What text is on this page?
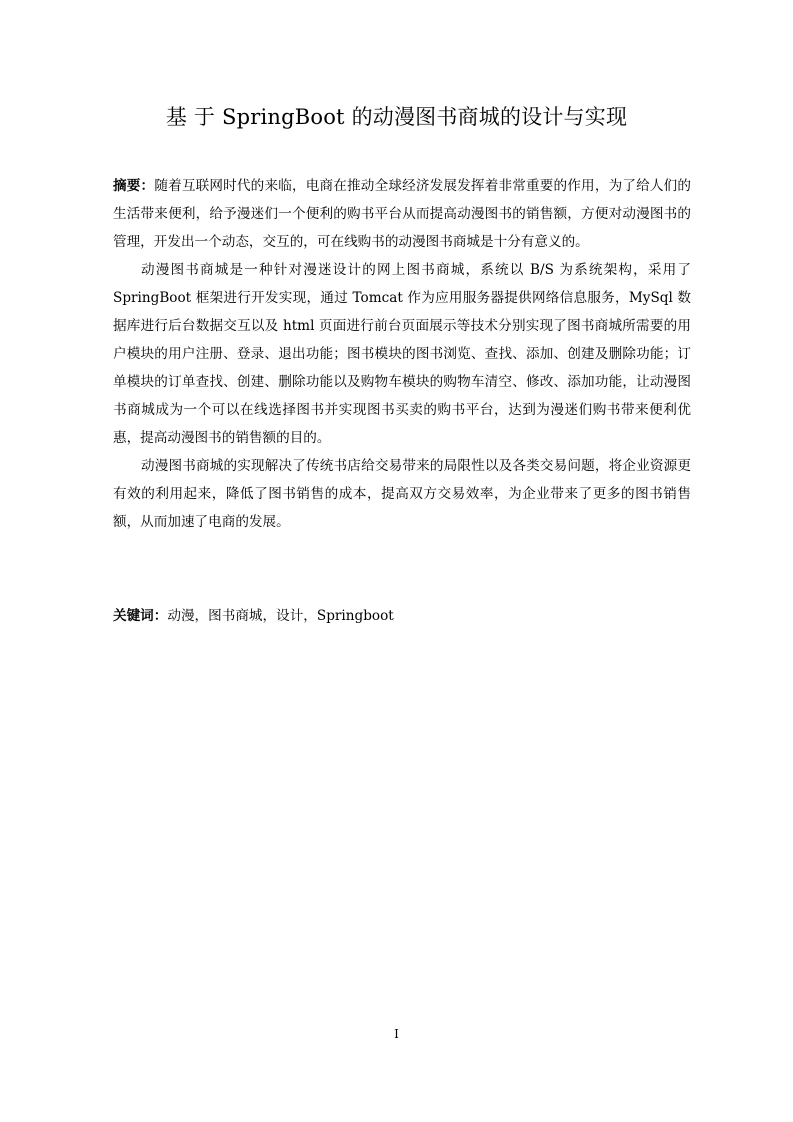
基 于 SpringBoot 的动漫图书商城的设计与实现

摘要：随着互联网时代的来临，电商在推动全球经济发展发挥着非常重要的作用，为了给人们的生活带来便利，给予漫迷们一个便利的购书平台从而提高动漫图书的销售额，方便对动漫图书的管理，开发出一个动态，交互的，可在线购书的动漫图书商城是十分有意义的。

动漫图书商城是一种针对漫迷设计的网上图书商城，系统以 B/S 为系统架构，采用了 SpringBoot 框架进行开发实现，通过 Tomcat 作为应用服务器提供网络信息服务，MySql 数据库进行后台数据交互以及 html 页面进行前台页面展示等技术分别实现了图书商城所需要的用户模块的用户注册、登录、退出功能；图书模块的图书浏览、查找、添加、创建及删除功能；订单模块的订单查找、创建、删除功能以及购物车模块的购物车清空、修改、添加功能，让动漫图书商城成为一个可以在线选择图书并实现图书买卖的购书平台，达到为漫迷们购书带来便利优惠，提高动漫图书的销售额的目的。

动漫图书商城的实现解决了传统书店给交易带来的局限性以及各类交易问题，将企业资源更有效的利用起来，降低了图书销售的成本，提高双方交易效率，为企业带来了更多的图书销售额，从而加速了电商的发展。

关键词：动漫，图书商城，设计，Springboot
I
